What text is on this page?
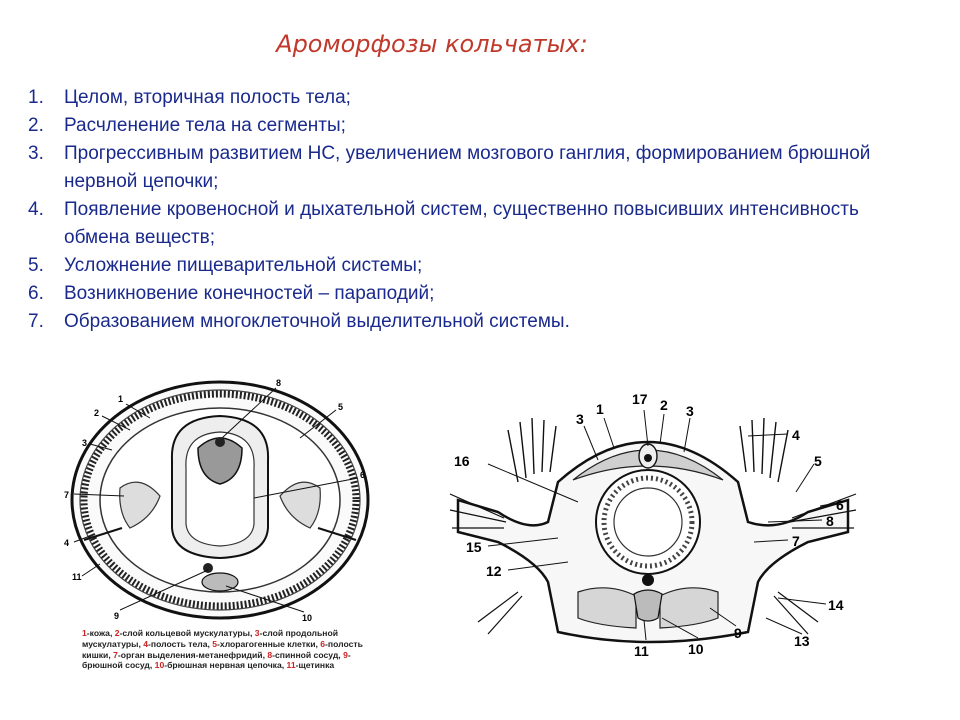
Ароморфозы кольчатых:
1. Целом, вторичная полость тела;
2. Расчленение тела на сегменты;
3. Прогрессивным развитием НС, увеличением мозгового ганглия, формированием брюшной нервной цепочки;
4. Появление кровеносной и дыхательной систем, существенно повысивших интенсивность обмена веществ;
5. Усложнение пищеварительной системы;
6. Возникновение конечностей – параподий;
7. Образованием многоклеточной выделительной системы.
1
2
3
7
4
11
9	10
6
5
8
1-кожа, 2-слой кольцевой мускулатуры, 3-слой продольной мускулатуры, 4-полость тела, 5-хлорагогенные клетки, 6-полость кишки, 7-орган выделения-метанефридий, 8-спинной сосуд, 9-брюшной сосуд, 10-брюшная нервная цепочка, 11-щетинка
3
1
17 2 3
4
5
6
8
7
16
15
12
14
13
9
10
11
